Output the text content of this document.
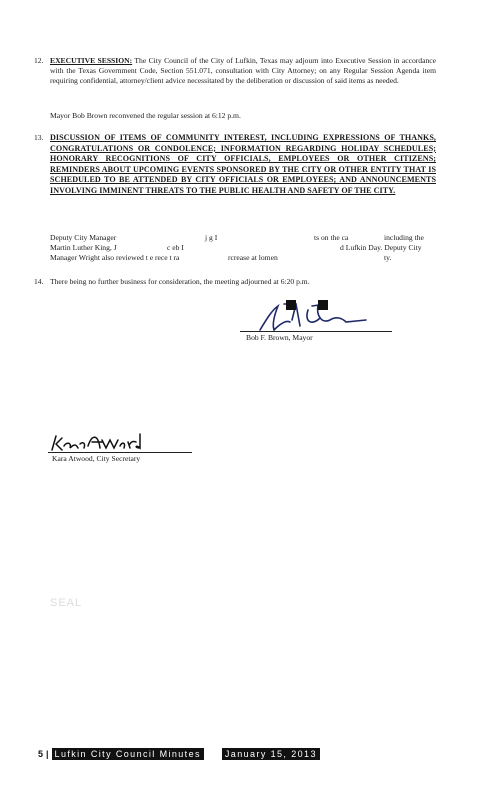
12. EXECUTIVE SESSION: The City Council of the City of Lufkin, Texas may adjourn into Executive Session in accordance with the Texas Government Code, Section 551.071, consultation with City Attorney; on any Regular Session Agenda item requiring confidential, attorney/client advice necessitated by the deliberation or discussion of said items as needed.
Mayor Bob Brown reconvened the regular session at 6:12 p.m.
13. DISCUSSION OF ITEMS OF COMMUNITY INTEREST, INCLUDING EXPRESSIONS OF THANKS, CONGRATULATIONS OR CONDOLENCE; INFORMATION REGARDING HOLIDAY SCHEDULES; HONORARY RECOGNITIONS OF CITY OFFICIALS, EMPLOYEES OR OTHER CITIZENS; REMINDERS ABOUT UPCOMING EVENTS SPONSORED BY THE CITY OR OTHER ENTITY THAT IS SCHEDULED TO BE ATTENDED BY CITY OFFICIALS OR EMPLOYEES; AND ANNOUNCEMENTS INVOLVING IMMINENT THREATS TO THE PUBLIC HEALTH AND SAFETY OF THE CITY.
Deputy City Manager	j g I	ts on the ca	including the
Martin Luther King, J	c eb I	d Lufkin Day. Deputy City
Manager Wright also reviewed t e rece t ra	rcrease at lomen	ty.
14. There being no further business for consideration, the meeting adjourned at 6:20 p.m.
Bob F. Brown, Mayor
Kara Atwood, City Secretary
SEAL
5 | Lufkin City Council Minutes	January 15, 2013
